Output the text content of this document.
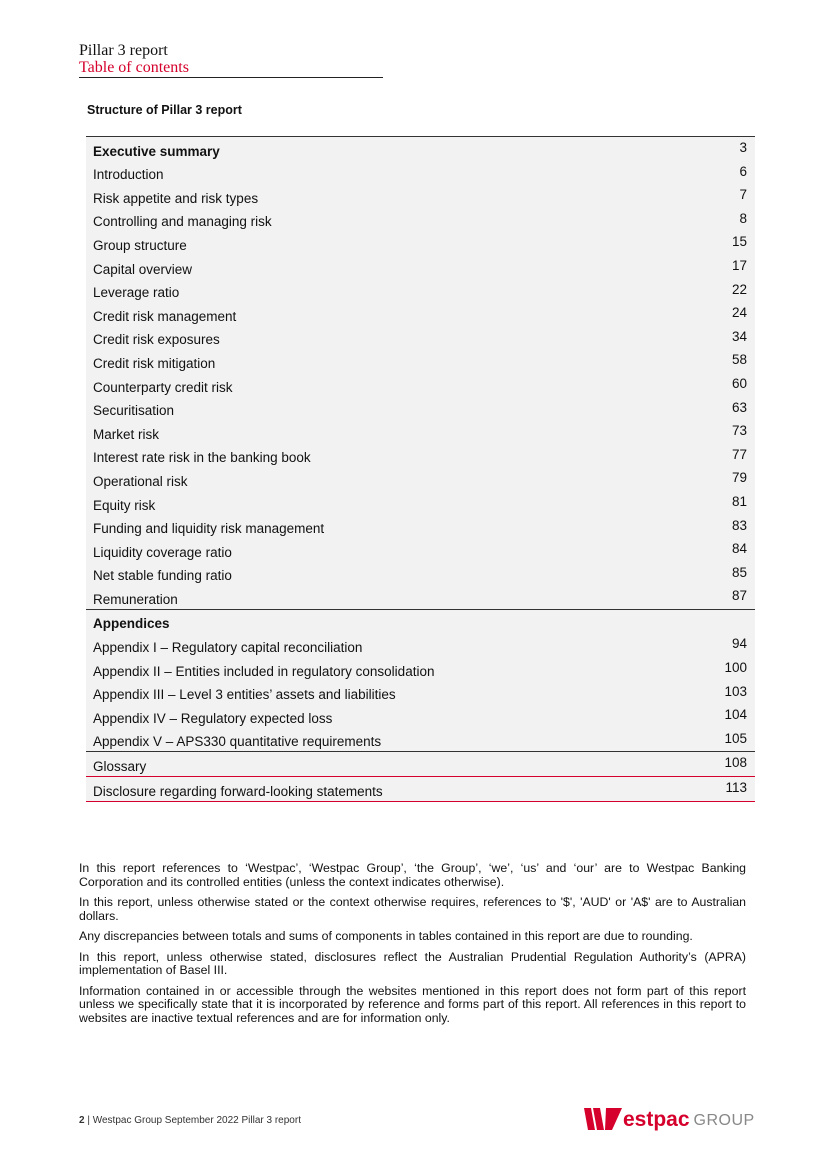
Pillar 3 report
Table of contents
Structure of Pillar 3 report
Executive summary	3
Introduction	6
Risk appetite and risk types	7
Controlling and managing risk	8
Group structure	15
Capital overview	17
Leverage ratio	22
Credit risk management	24
Credit risk exposures	34
Credit risk mitigation	58
Counterparty credit risk	60
Securitisation	63
Market risk	73
Interest rate risk in the banking book	77
Operational risk	79
Equity risk	81
Funding and liquidity risk management	83
Liquidity coverage ratio	84
Net stable funding ratio	85
Remuneration	87
Appendices
Appendix I – Regulatory capital reconciliation	94
Appendix II – Entities included in regulatory consolidation	100
Appendix III – Level 3 entities’ assets and liabilities	103
Appendix IV – Regulatory expected loss	104
Appendix V – APS330 quantitative requirements	105
Glossary	108
Disclosure regarding forward-looking statements	113

In this report references to ‘Westpac’, ‘Westpac Group’, ‘the Group’, ‘we’, ‘us’ and ‘our’ are to Westpac Banking Corporation and its controlled entities (unless the context indicates otherwise).

In this report, unless otherwise stated or the context otherwise requires, references to '$', 'AUD' or 'A$' are to Australian dollars.

Any discrepancies between totals and sums of components in tables contained in this report are due to rounding.

In this report, unless otherwise stated, disclosures reflect the Australian Prudential Regulation Authority’s (APRA) implementation of Basel III.

Information contained in or accessible through the websites mentioned in this report does not form part of this report unless we specifically state that it is incorporated by reference and forms part of this report. All references in this report to websites are inactive textual references and are for information only.

2 | Westpac Group September 2022 Pillar 3 report	estpac GROUP
